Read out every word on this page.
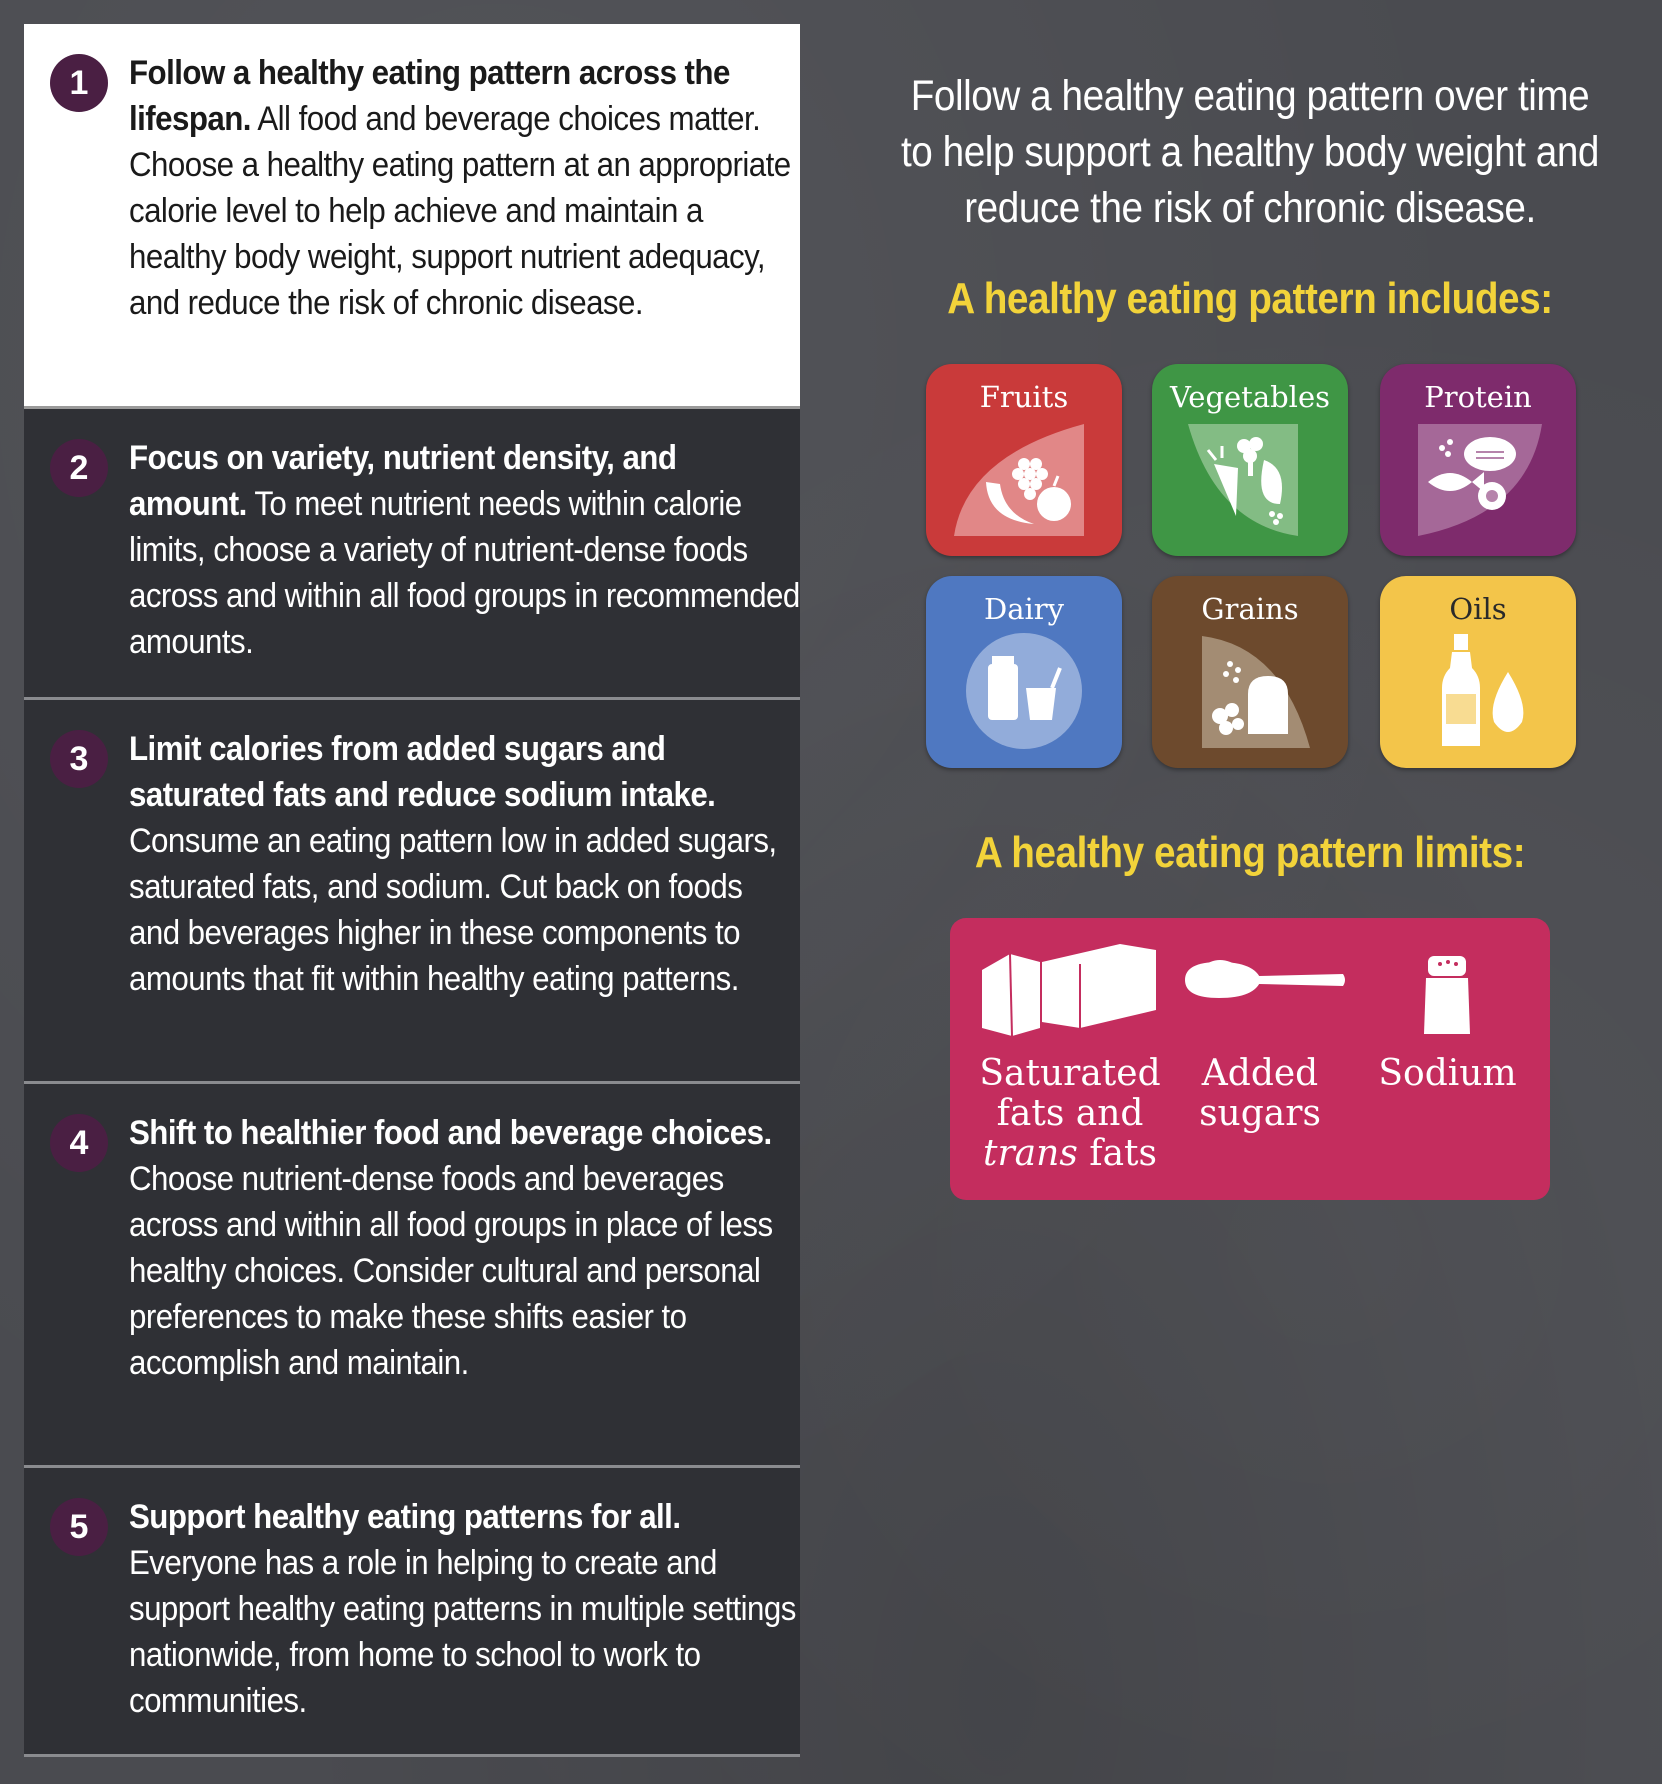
1	Follow a healthy eating pattern across the lifespan. All food and beverage choices matter. Choose a healthy eating pattern at an appropriate calorie level to help achieve and maintain a healthy body weight, support nutrient adequacy, and reduce the risk of chronic disease.
2	Focus on variety, nutrient density, and amount. To meet nutrient needs within calorie limits, choose a variety of nutrient-dense foods across and within all food groups in recommended amounts.
3	Limit calories from added sugars and saturated fats and reduce sodium intake. Consume an eating pattern low in added sugars, saturated fats, and sodium. Cut back on foods and beverages higher in these components to amounts that fit within healthy eating patterns.
4	Shift to healthier food and beverage choices. Choose nutrient-dense foods and beverages across and within all food groups in place of less healthy choices. Consider cultural and personal preferences to make these shifts easier to accomplish and maintain.
5	Support healthy eating patterns for all. Everyone has a role in helping to create and support healthy eating patterns in multiple settings nationwide, from home to school to work to communities.
Follow a healthy eating pattern over time to help support a healthy body weight and reduce the risk of chronic disease.
A healthy eating pattern includes:
Fruits	Vegetables	Protein
Dairy	Grains	Oils
A healthy eating pattern limits:
Saturated
fats and
trans fats
Added
sugars
Sodium
